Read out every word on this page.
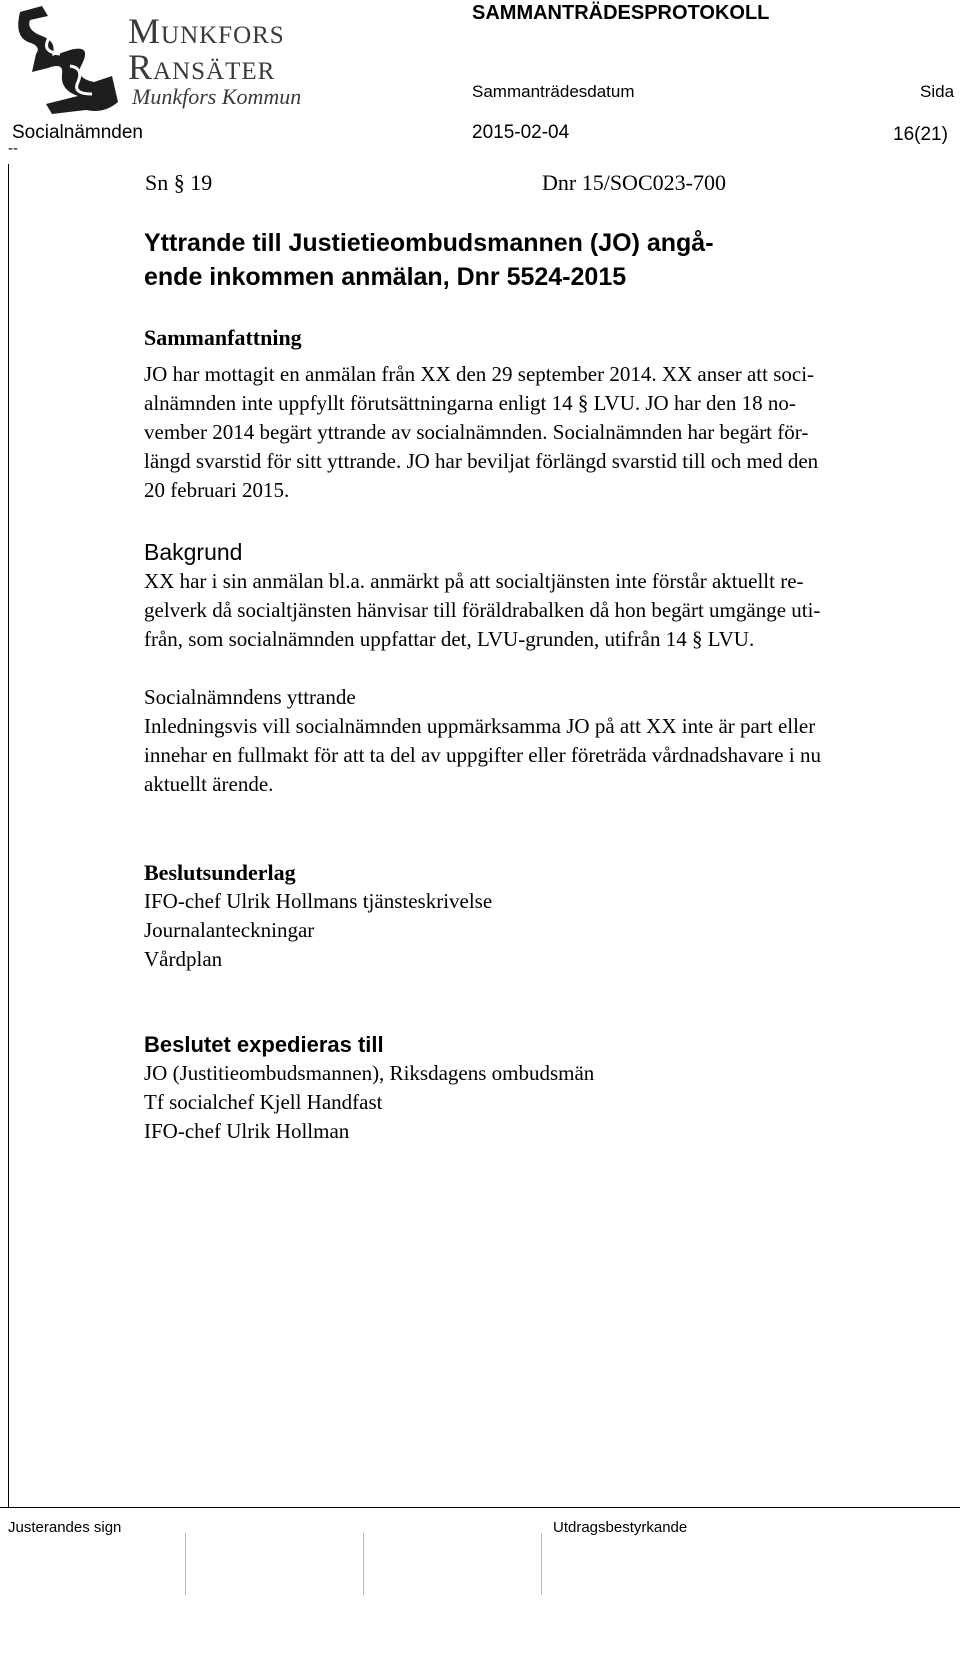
Munkfors
Ransäter
Munkfors Kommun
SAMMANTRÄDESPROTOKOLL
Sammanträdesdatum	Sida
Socialnämnden	2015-02-04	16(21)
--
Sn § 19	Dnr 15/SOC023-700
Yttrande till Justietieombudsmannen (JO) angå-
ende inkommen anmälan, Dnr 5524-2015
Sammanfattning

JO har mottagit en anmälan från XX den 29 september 2014. XX anser att soci-
alnämnden inte uppfyllt förutsättningarna enligt 14 § LVU. JO har den 18 no-
vember 2014 begärt yttrande av socialnämnden. Socialnämnden har begärt för-
längd svarstid för sitt yttrande. JO har beviljat förlängd svarstid till och med den
20 februari 2015.

Bakgrund

XX har i sin anmälan bl.a. anmärkt på att socialtjänsten inte förstår aktuellt re-
gelverk då socialtjänsten hänvisar till föräldrabalken då hon begärt umgänge uti-
från, som socialnämnden uppfattar det, LVU-grunden, utifrån 14 § LVU.

Socialnämndens yttrande

Inledningsvis vill socialnämnden uppmärksamma JO på att XX inte är part eller
innehar en fullmakt för att ta del av uppgifter eller företräda vårdnadshavare i nu
aktuellt ärende.

Beslutsunderlag
IFO-chef Ulrik Hollmans tjänsteskrivelse
Journalanteckningar
Vårdplan
Beslutet expedieras till
JO (Justitieombudsmannen), Riksdagens ombudsmän
Tf socialchef Kjell Handfast
IFO-chef Ulrik Hollman
Justerandes sign	Utdragsbestyrkande
